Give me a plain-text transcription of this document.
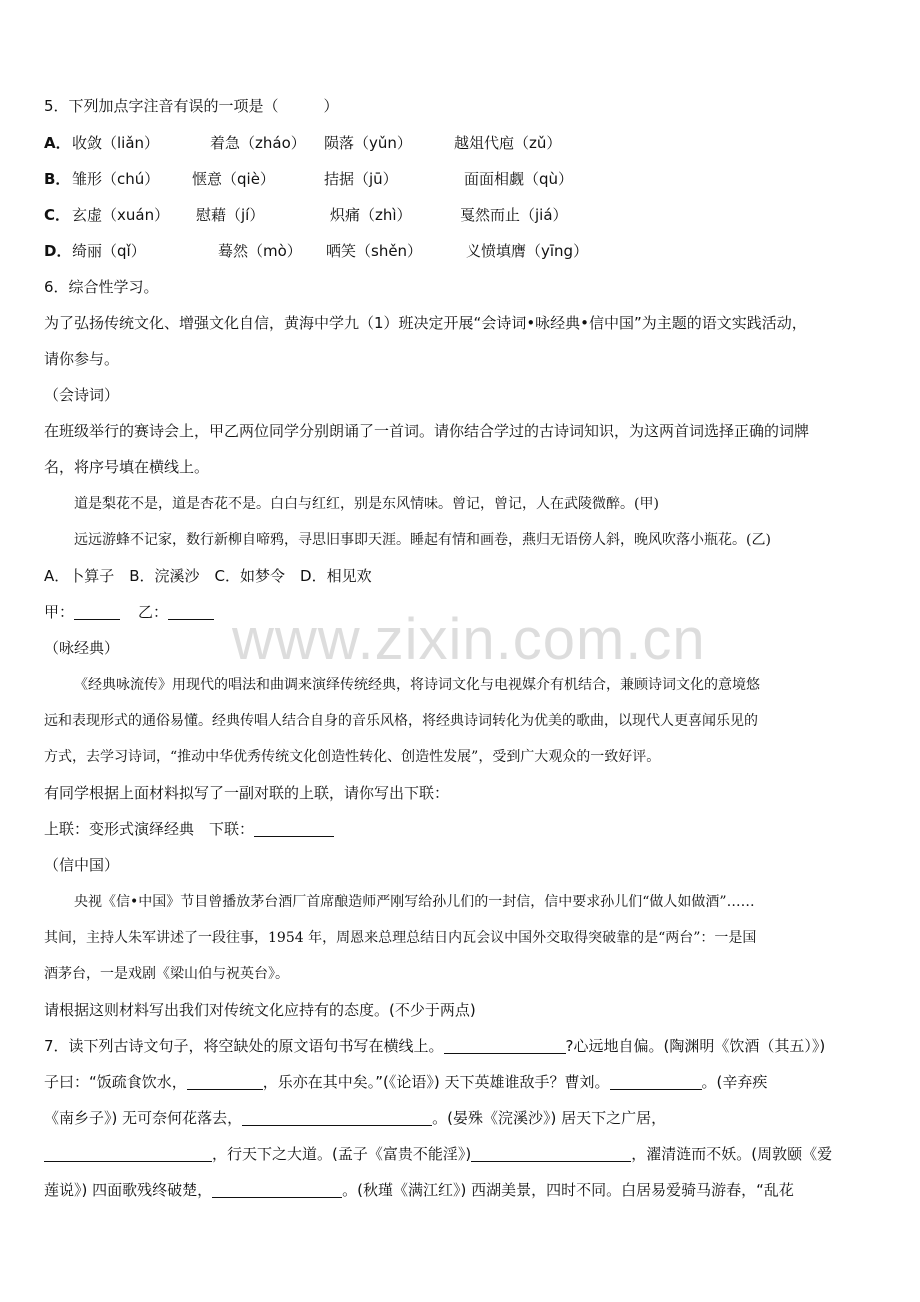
5．下列加点字注音有误的一项是（　　　）
A．收敛（liǎn）	着急（zháo） 陨落（yǔn）	越俎代庖（zǔ）
B． 雏形（chú） 惬意（qiè）	拮据（jū）	面面相觑（qù）
C． 玄虚（xuán） 慰藉（jí）	炽痛（zhì）	戛然而止（jiá）
D．绮丽（qǐ）	蓦然（mò） 哂笑（shěn）	义愤填膺（yīng）
6．综合性学习。
为了弘扬传统文化、增强文化自信，黄海中学九（1）班决定开展“会诗词•咏经典•信中国”为主题的语文实践活动，
请你参与。
（会诗词）
在班级举行的赛诗会上，甲乙两位同学分别朗诵了一首词。请你结合学过的古诗词知识，为这两首词选择正确的词牌
名，将序号填在横线上。
道是梨花不是，道是杏花不是。白白与红红，别是东风情味。曾记，曾记，人在武陵微醉。(甲)
远远游蜂不记家，数行新柳自啼鸦，寻思旧事即天涯。睡起有情和画卷，燕归无语傍人斜，晚风吹落小瓶花。(乙)
A．卜算子　B．浣溪沙　C．如梦令　D．相见欢
甲：	乙：
（咏经典）
《经典咏流传》用现代的唱法和曲调来演绎传统经典，将诗词文化与电视媒介有机结合，兼顾诗词文化的意境悠
远和表现形式的通俗易懂。经典传唱人结合自身的音乐风格，将经典诗词转化为优美的歌曲，以现代人更喜闻乐见的
方式，去学习诗词，“推动中华优秀传统文化创造性转化、创造性发展”，受到广大观众的一致好评。
有同学根据上面材料拟写了一副对联的上联，请你写出下联：
上联：变形式演绎经典　下联：
（信中国）
央视《信•中国》节目曾播放茅台酒厂首席酿造师严刚写给孙儿们的一封信，信中要求孙儿们“做人如做酒”……
其间，主持人朱军讲述了一段往事，1954 年，周恩来总理总结日内瓦会议中国外交取得突破靠的是“两台”：一是国
酒茅台，一是戏剧《梁山伯与祝英台》。
请根据这则材料写出我们对传统文化应持有的态度。(不少于两点)
7．读下列古诗文句子，将空缺处的原文语句书写在横线上。	?心远地自偏。(陶渊明《饮酒（其五）》)
子曰：“饭疏食饮水，	，乐亦在其中矣。”(《论语》) 天下英雄谁敌手？曹刘。	。(辛弃疾
《南乡子》) 无可奈何花落去，	。(晏殊《浣溪沙》) 居天下之广居，
，行天下之大道。(孟子《富贵不能淫》)	，濯清涟而不妖。(周敦颐《爱
莲说》) 四面歌残终破楚，	。(秋瑾《满江红》) 西湖美景，四时不同。白居易爱骑马游春，“乱花
www.zixin.com.cn
